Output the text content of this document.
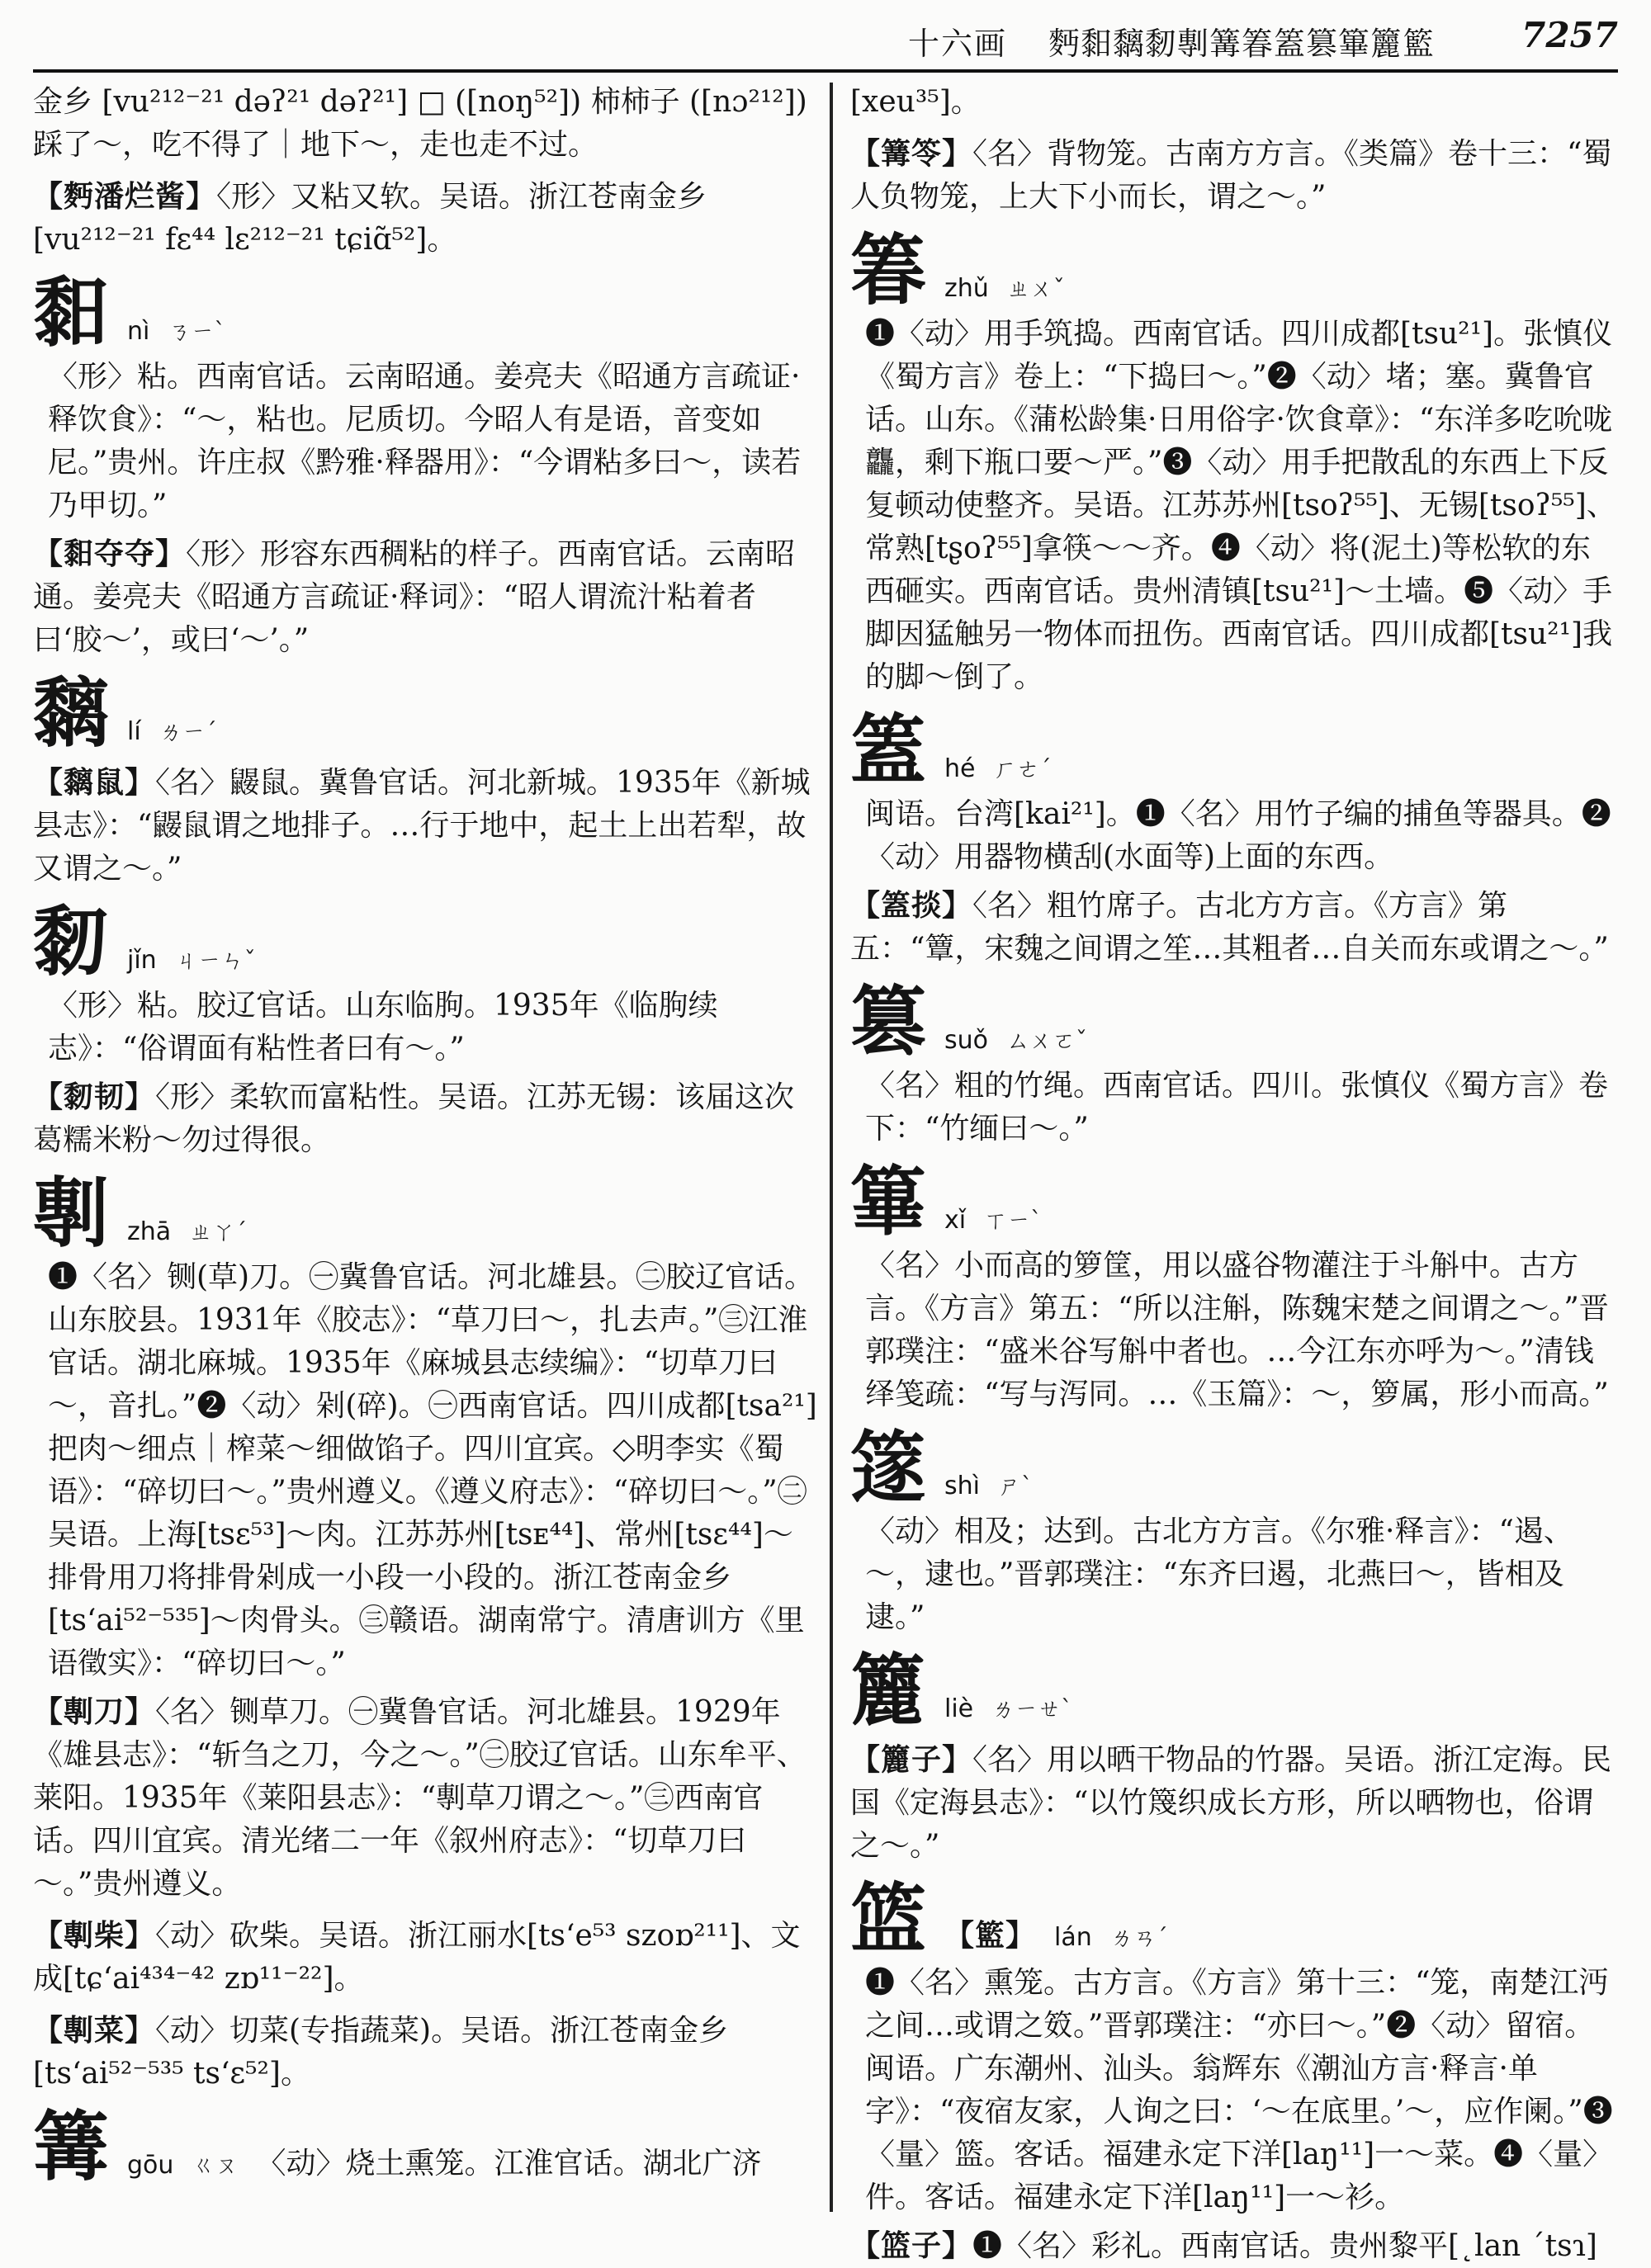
十六画 麪䵒黐䵑剸篝箺篕篡篳籭籃	7257
金乡 [vu²¹²⁻²¹ dəʔ²¹ dəʔ²¹] □ ([noŋ⁵²]) 柿柿子 ([nɔ²¹²]) 踩了～，吃不得了｜地下～，走也走不过。
【麪潘烂酱】〈形〉又粘又软。吴语。浙江苍南金乡 [vu²¹²⁻²¹ fɛ⁴⁴ lɛ²¹²⁻²¹ tɕiɑ̃⁵²]。
䵒 nì ㄋㄧˋ
〈形〉粘。西南官话。云南昭通。姜亮夫《昭通方言疏证·释饮食》：“～，粘也。尼质切。今昭人有是语，音变如尼。”贵州。许庄叔《黔雅·释器用》：“今谓粘多曰～，读若乃甲切。”
【䵒夺夺】〈形〉形容东西稠粘的样子。西南官话。云南昭通。姜亮夫《昭通方言疏证·释词》：“昭人谓流汁粘着者曰‘胶～’，或曰‘～’。”
黐 lí ㄌㄧˊ
【黐鼠】〈名〉鼹鼠。冀鲁官话。河北新城。1935年《新城县志》：“鼹鼠谓之地排子。…行于地中，起土上出若犁，故又谓之～。”
䵑 jǐn ㄐㄧㄣˇ
〈形〉粘。胶辽官话。山东临朐。1935年《临朐续志》：“俗谓面有粘性者曰有～。”
【䵑韧】〈形〉柔软而富粘性。吴语。江苏无锡：该届这次葛糯米粉～勿过得很。
剸 zhā ㄓㄚˊ
❶〈名〉铡(草)刀。㊀冀鲁官话。河北雄县。㊁胶辽官话。山东胶县。1931年《胶志》：“草刀曰～，扎去声。”㊂江淮官话。湖北麻城。1935年《麻城县志续编》：“切草刀曰～，音扎。”❷〈动〉剁(碎)。㊀西南官话。四川成都[tsa²¹]把肉～细点｜榨菜～细做馅子。四川宜宾。◇明李实《蜀语》：“碎切曰～。”贵州遵义。《遵义府志》：“碎切曰～。”㊁吴语。上海[tsɛ⁵³]～肉。江苏苏州[tsᴇ⁴⁴]、常州[tsɛ⁴⁴]～排骨用刀将排骨剁成一小段一小段的。浙江苍南金乡[ts‘ai⁵²⁻⁵³⁵]～肉骨头。㊂赣语。湖南常宁。清唐训方《里语徵实》：“碎切曰～。”
【剸刀】〈名〉铡草刀。㊀冀鲁官话。河北雄县。1929年《雄县志》：“斩刍之刀，今之～。”㊁胶辽官话。山东牟平、莱阳。1935年《莱阳县志》：“剸草刀谓之～。”㊂西南官话。四川宜宾。清光绪二一年《叙州府志》：“切草刀曰～。”贵州遵义。
【剸柴】〈动〉砍柴。吴语。浙江丽水[ts‘e⁵³ szoɒ²¹¹]、文成[tɕ‘ai⁴³⁴⁻⁴² zɒ¹¹⁻²²]。
【剸菜】〈动〉切菜(专指蔬菜)。吴语。浙江苍南金乡[ts‘ai⁵²⁻⁵³⁵ ts‘ɛ⁵²]。
篝 gōu ㄍㄡ 〈动〉烧土熏笼。江淮官话。湖北广济
[xeu³⁵]。
【篝笭】〈名〉背物笼。古南方方言。《类篇》卷十三：“蜀人负物笼，上大下小而长，谓之～。”
箺 zhǔ ㄓㄨˇ
❶〈动〉用手筑捣。西南官话。四川成都[tsu²¹]。张慎仪《蜀方言》卷上：“下捣曰～。”❷〈动〉堵；塞。冀鲁官话。山东。《蒲松龄集·日用俗字·饮食章》：“东洋多吃吮咙龘，剩下瓶口要～严。”❸〈动〉用手把散乱的东西上下反复顿动使整齐。吴语。江苏苏州[tsoʔ⁵⁵]、无锡[tsoʔ⁵⁵]、常熟[tʂoʔ⁵⁵]拿筷～～齐。❹〈动〉将(泥土)等松软的东西砸实。西南官话。贵州清镇[tsu²¹]～土墙。❺〈动〉手脚因猛触另一物体而扭伤。西南官话。四川成都[tsu²¹]我的脚～倒了。
篕 hé ㄏㄜˊ
闽语。台湾[kai²¹]。❶〈名〉用竹子编的捕鱼等器具。❷〈动〉用器物横刮(水面等)上面的东西。
【篕掞】〈名〉粗竹席子。古北方方言。《方言》第五：“簟，宋魏之间谓之笙…其粗者…自关而东或谓之～。”
篡 suǒ ㄙㄨㄛˇ
〈名〉粗的竹绳。西南官话。四川。张慎仪《蜀方言》卷下：“竹缅曰～。”
篳 xǐ ㄒㄧˋ
〈名〉小而高的箩筐，用以盛谷物灌注于斗斛中。古方言。《方言》第五：“所以注斛，陈魏宋楚之间谓之～。”晋郭璞注：“盛米谷写斛中者也。…今江东亦呼为～。”清钱绎笺疏：“写与泻同。…《玉篇》：～，箩属，形小而高。”
篴 shì ㄕˋ
〈动〉相及；达到。古北方方言。《尔雅·释言》：“遏、～，逮也。”晋郭璞注：“东齐曰遏，北燕曰～，皆相及逮。”
籭 liè ㄌㄧㄝˋ
【籭子】〈名〉用以晒干物品的竹器。吴语。浙江定海。民国《定海县志》：“以竹篾织成长方形，所以晒物也，俗谓之～。”
篮 【籃】 lán ㄌㄢˊ
❶〈名〉熏笼。古方言。《方言》第十三：“笼，南楚江沔之间…或谓之笯。”晋郭璞注：“亦曰～。”❷〈动〉留宿。闽语。广东潮州、汕头。翁辉东《潮汕方言·释言·单字》：“夜宿友家，人询之曰：‘～在底里。’～，应作阑。”❸〈量〉篮。客话。福建永定下洋[laŋ¹¹]一～菜。❹〈量〉件。客话。福建永定下洋[laŋ¹¹]一～衫。
【篮子】❶〈名〉彩礼。西南官话。贵州黎平[˛lan ˊtsɿ]
